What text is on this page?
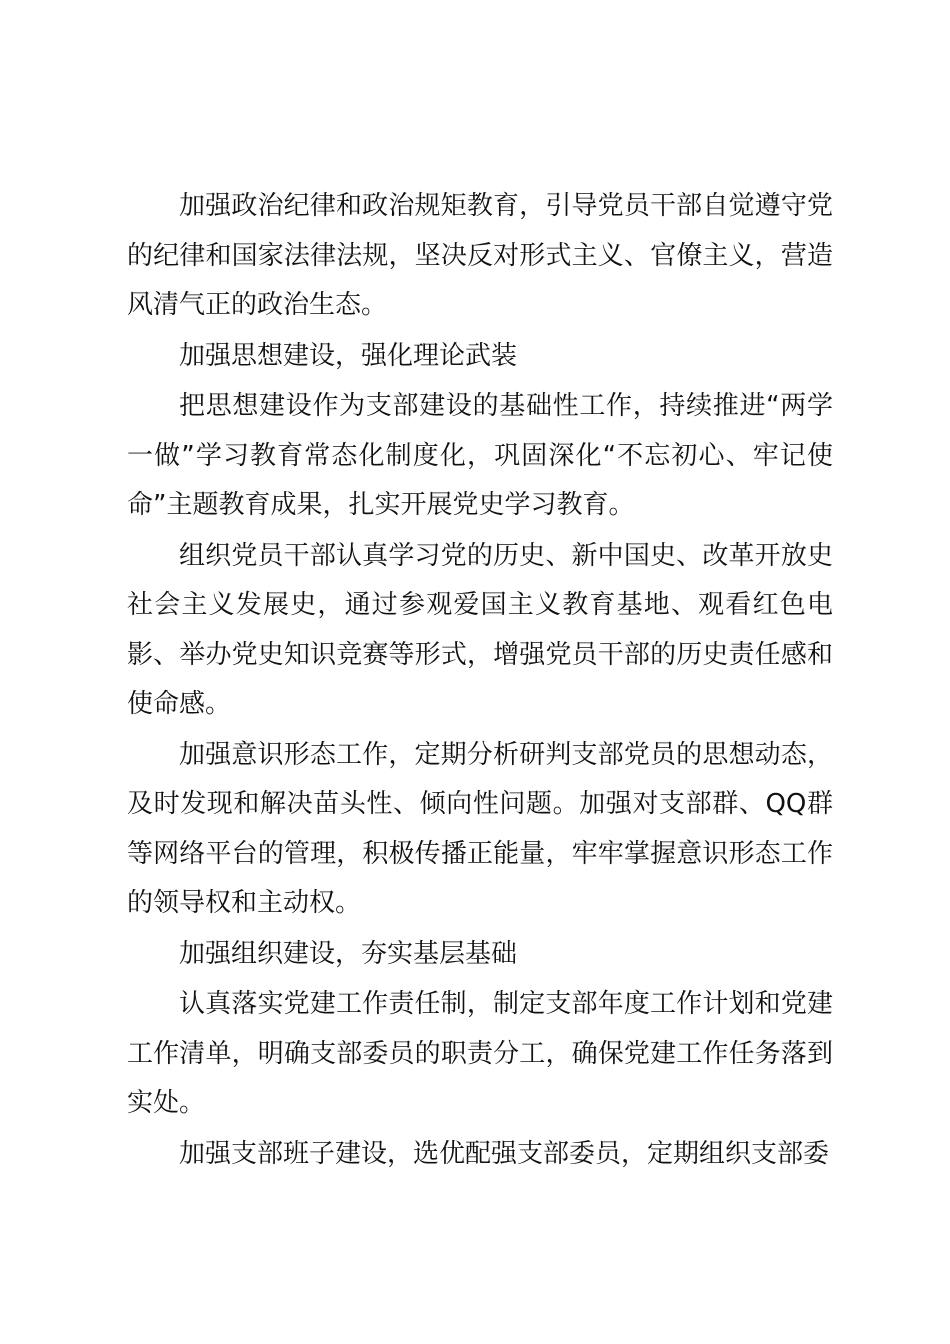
加强政治纪律和政治规矩教育，引导党员干部自觉遵守党的纪律和国家法律法规，坚决反对形式主义、官僚主义，营造风清气正的政治生态。

加强思想建设，强化理论武装

把思想建设作为支部建设的基础性工作，持续推进“两学一做”学习教育常态化制度化，巩固深化“不忘初心、牢记使命”主题教育成果，扎实开展党史学习教育。

组织党员干部认真学习党的历史、新中国史、改革开放史社会主义发展史，通过参观爱国主义教育基地、观看红色电影、举办党史知识竞赛等形式，增强党员干部的历史责任感和使命感。

加强意识形态工作，定期分析研判支部党员的思想动态，及时发现和解决苗头性、倾向性问题。加强对支部群、QQ群等网络平台的管理，积极传播正能量，牢牢掌握意识形态工作的领导权和主动权。

加强组织建设，夯实基层基础

认真落实党建工作责任制，制定支部年度工作计划和党建工作清单，明确支部委员的职责分工，确保党建工作任务落到实处。

加强支部班子建设，选优配强支部委员，定期组织支部委
